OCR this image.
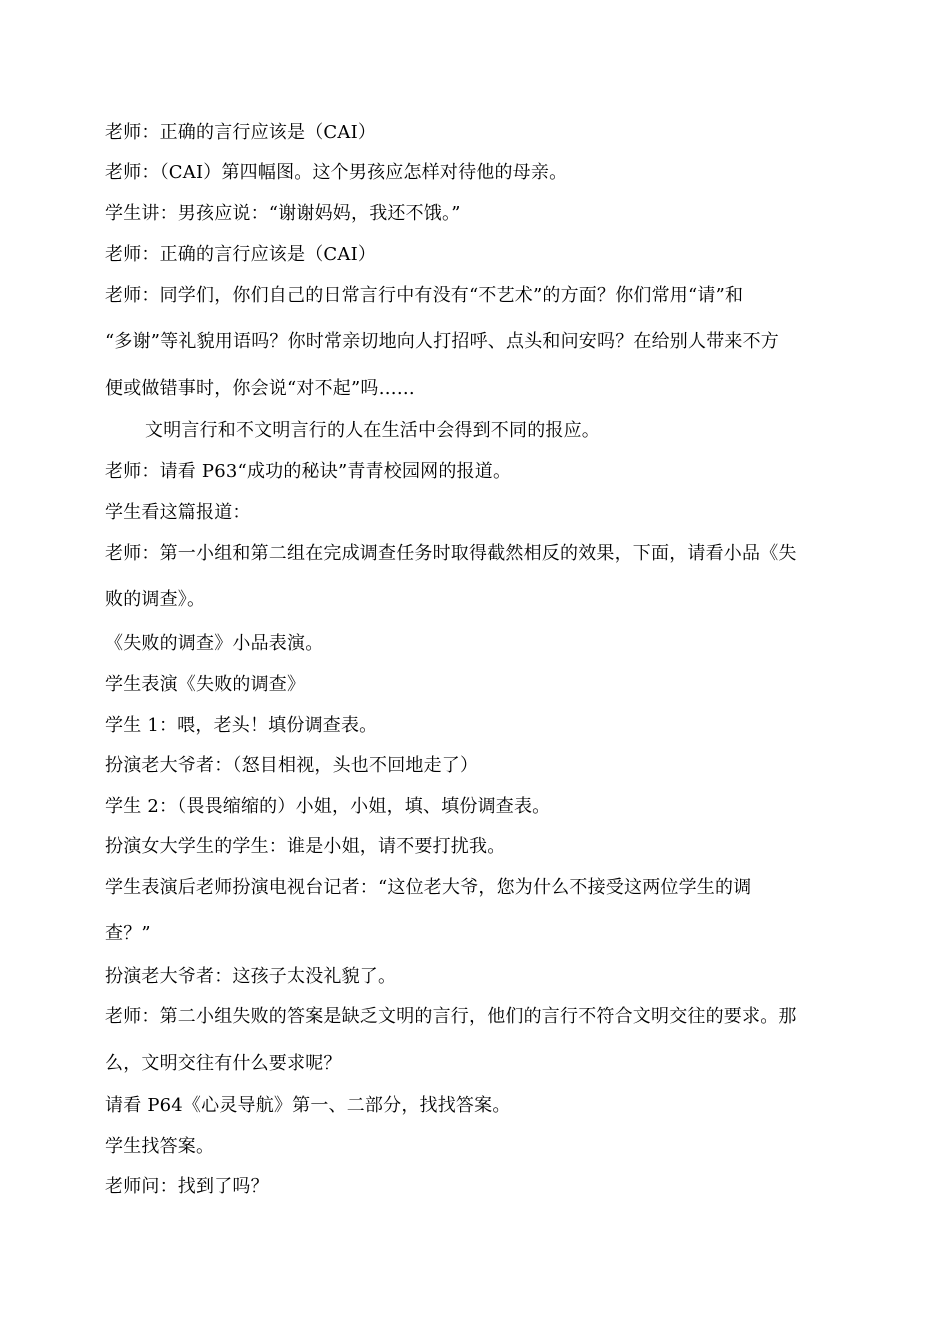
老师：正确的言行应该是（CAI）
老师：（CAI）第四幅图。这个男孩应怎样对待他的母亲。
学生讲：男孩应说：“谢谢妈妈，我还不饿。”
老师：正确的言行应该是（CAI）
老师：同学们，你们自己的日常言行中有没有“不艺术”的方面？你们常用“请”和
“多谢”等礼貌用语吗？你时常亲切地向人打招呼、点头和问安吗？在给别人带来不方
便或做错事时，你会说“对不起”吗……
文明言行和不文明言行的人在生活中会得到不同的报应。
老师：请看 P63“成功的秘诀”青青校园网的报道。
学生看这篇报道：
老师：第一小组和第二组在完成调查任务时取得截然相反的效果，下面，请看小品《失
败的调查》。
《失败的调查》小品表演。
学生表演《失败的调查》
学生 1：喂，老头！填份调查表。
扮演老大爷者：（怒目相视，头也不回地走了）
学生 2：（畏畏缩缩的）小姐，小姐，填、填份调查表。
扮演女大学生的学生：谁是小姐，请不要打扰我。
学生表演后老师扮演电视台记者：“这位老大爷，您为什么不接受这两位学生的调
查？”
扮演老大爷者：这孩子太没礼貌了。
老师：第二小组失败的答案是缺乏文明的言行，他们的言行不符合文明交往的要求。那
么，文明交往有什么要求呢？
请看 P64《心灵导航》第一、二部分，找找答案。
学生找答案。
老师问：找到了吗？
